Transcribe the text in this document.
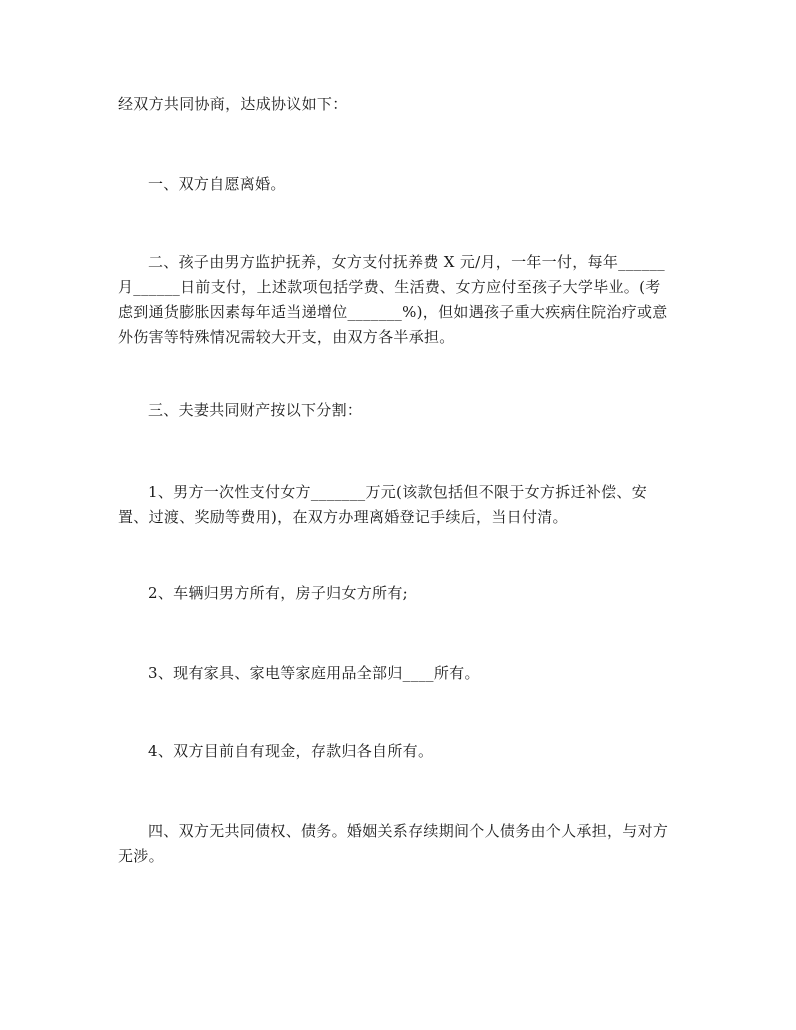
经双方共同协商，达成协议如下：

一、双方自愿离婚。

二、孩子由男方监护抚养，女方支付抚养费 X 元/月，一年一付，每年______
月______日前支付，上述款项包括学费、生活费、女方应付至孩子大学毕业。(考
虑到通货膨胀因素每年适当递增位_______%)，但如遇孩子重大疾病住院治疗或意
外伤害等特殊情况需较大开支，由双方各半承担。

三、夫妻共同财产按以下分割：

1、男方一次性支付女方_______万元(该款包括但不限于女方拆迁补偿、安
置、过渡、奖励等费用)，在双方办理离婚登记手续后，当日付清。

2、车辆归男方所有，房子归女方所有;

3、现有家具、家电等家庭用品全部归____所有。

4、双方目前自有现金，存款归各自所有。

四、双方无共同债权、债务。婚姻关系存续期间个人债务由个人承担，与对方
无涉。
